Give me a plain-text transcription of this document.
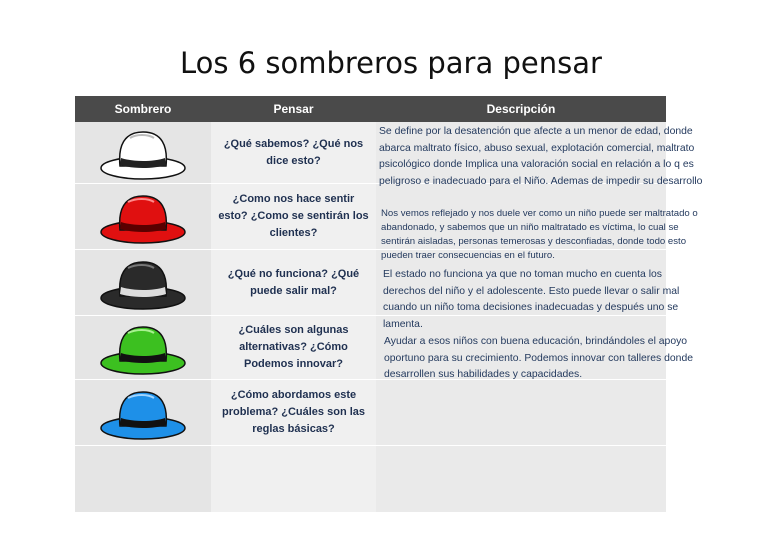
Los 6 sombreros para pensar
Sombrero	Pensar	Descripción
¿Qué sabemos? ¿Qué nos dice esto?
¿Como nos hace sentir esto? ¿Como se sentirán los clientes?
¿Qué no funciona? ¿Qué puede salir mal?
¿Cuáles son algunas alternativas? ¿Cómo Podemos innovar?
¿Cómo abordamos este problema? ¿Cuáles son las reglas básicas?
Se define por la desatención que afecte a un menor de edad, donde
abarca maltrato físico, abuso sexual, explotación comercial, maltrato
psicológico donde Implica una valoración social en relación a lo q es
peligroso e inadecuado para el Niño. Ademas de impedir su desarrollo
Nos vemos reflejado y nos duele ver como un niño puede ser maltratado o
abandonado, y sabemos que un niño maltratado es víctima, lo cual se
sentirán aisladas, personas temerosas y desconfiadas, donde todo esto
pueden traer consecuencias en el futuro.
El estado no funciona ya que no toman mucho en cuenta los
derechos del niño y el adolescente. Esto puede llevar o salir mal
cuando un niño toma decisiones inadecuadas y después uno se
lamenta.
Ayudar a esos niños con buena educación, brindándoles el apoyo
oportuno para su crecimiento. Podemos innovar con talleres donde
desarrollen sus habilidades y capacidades.
